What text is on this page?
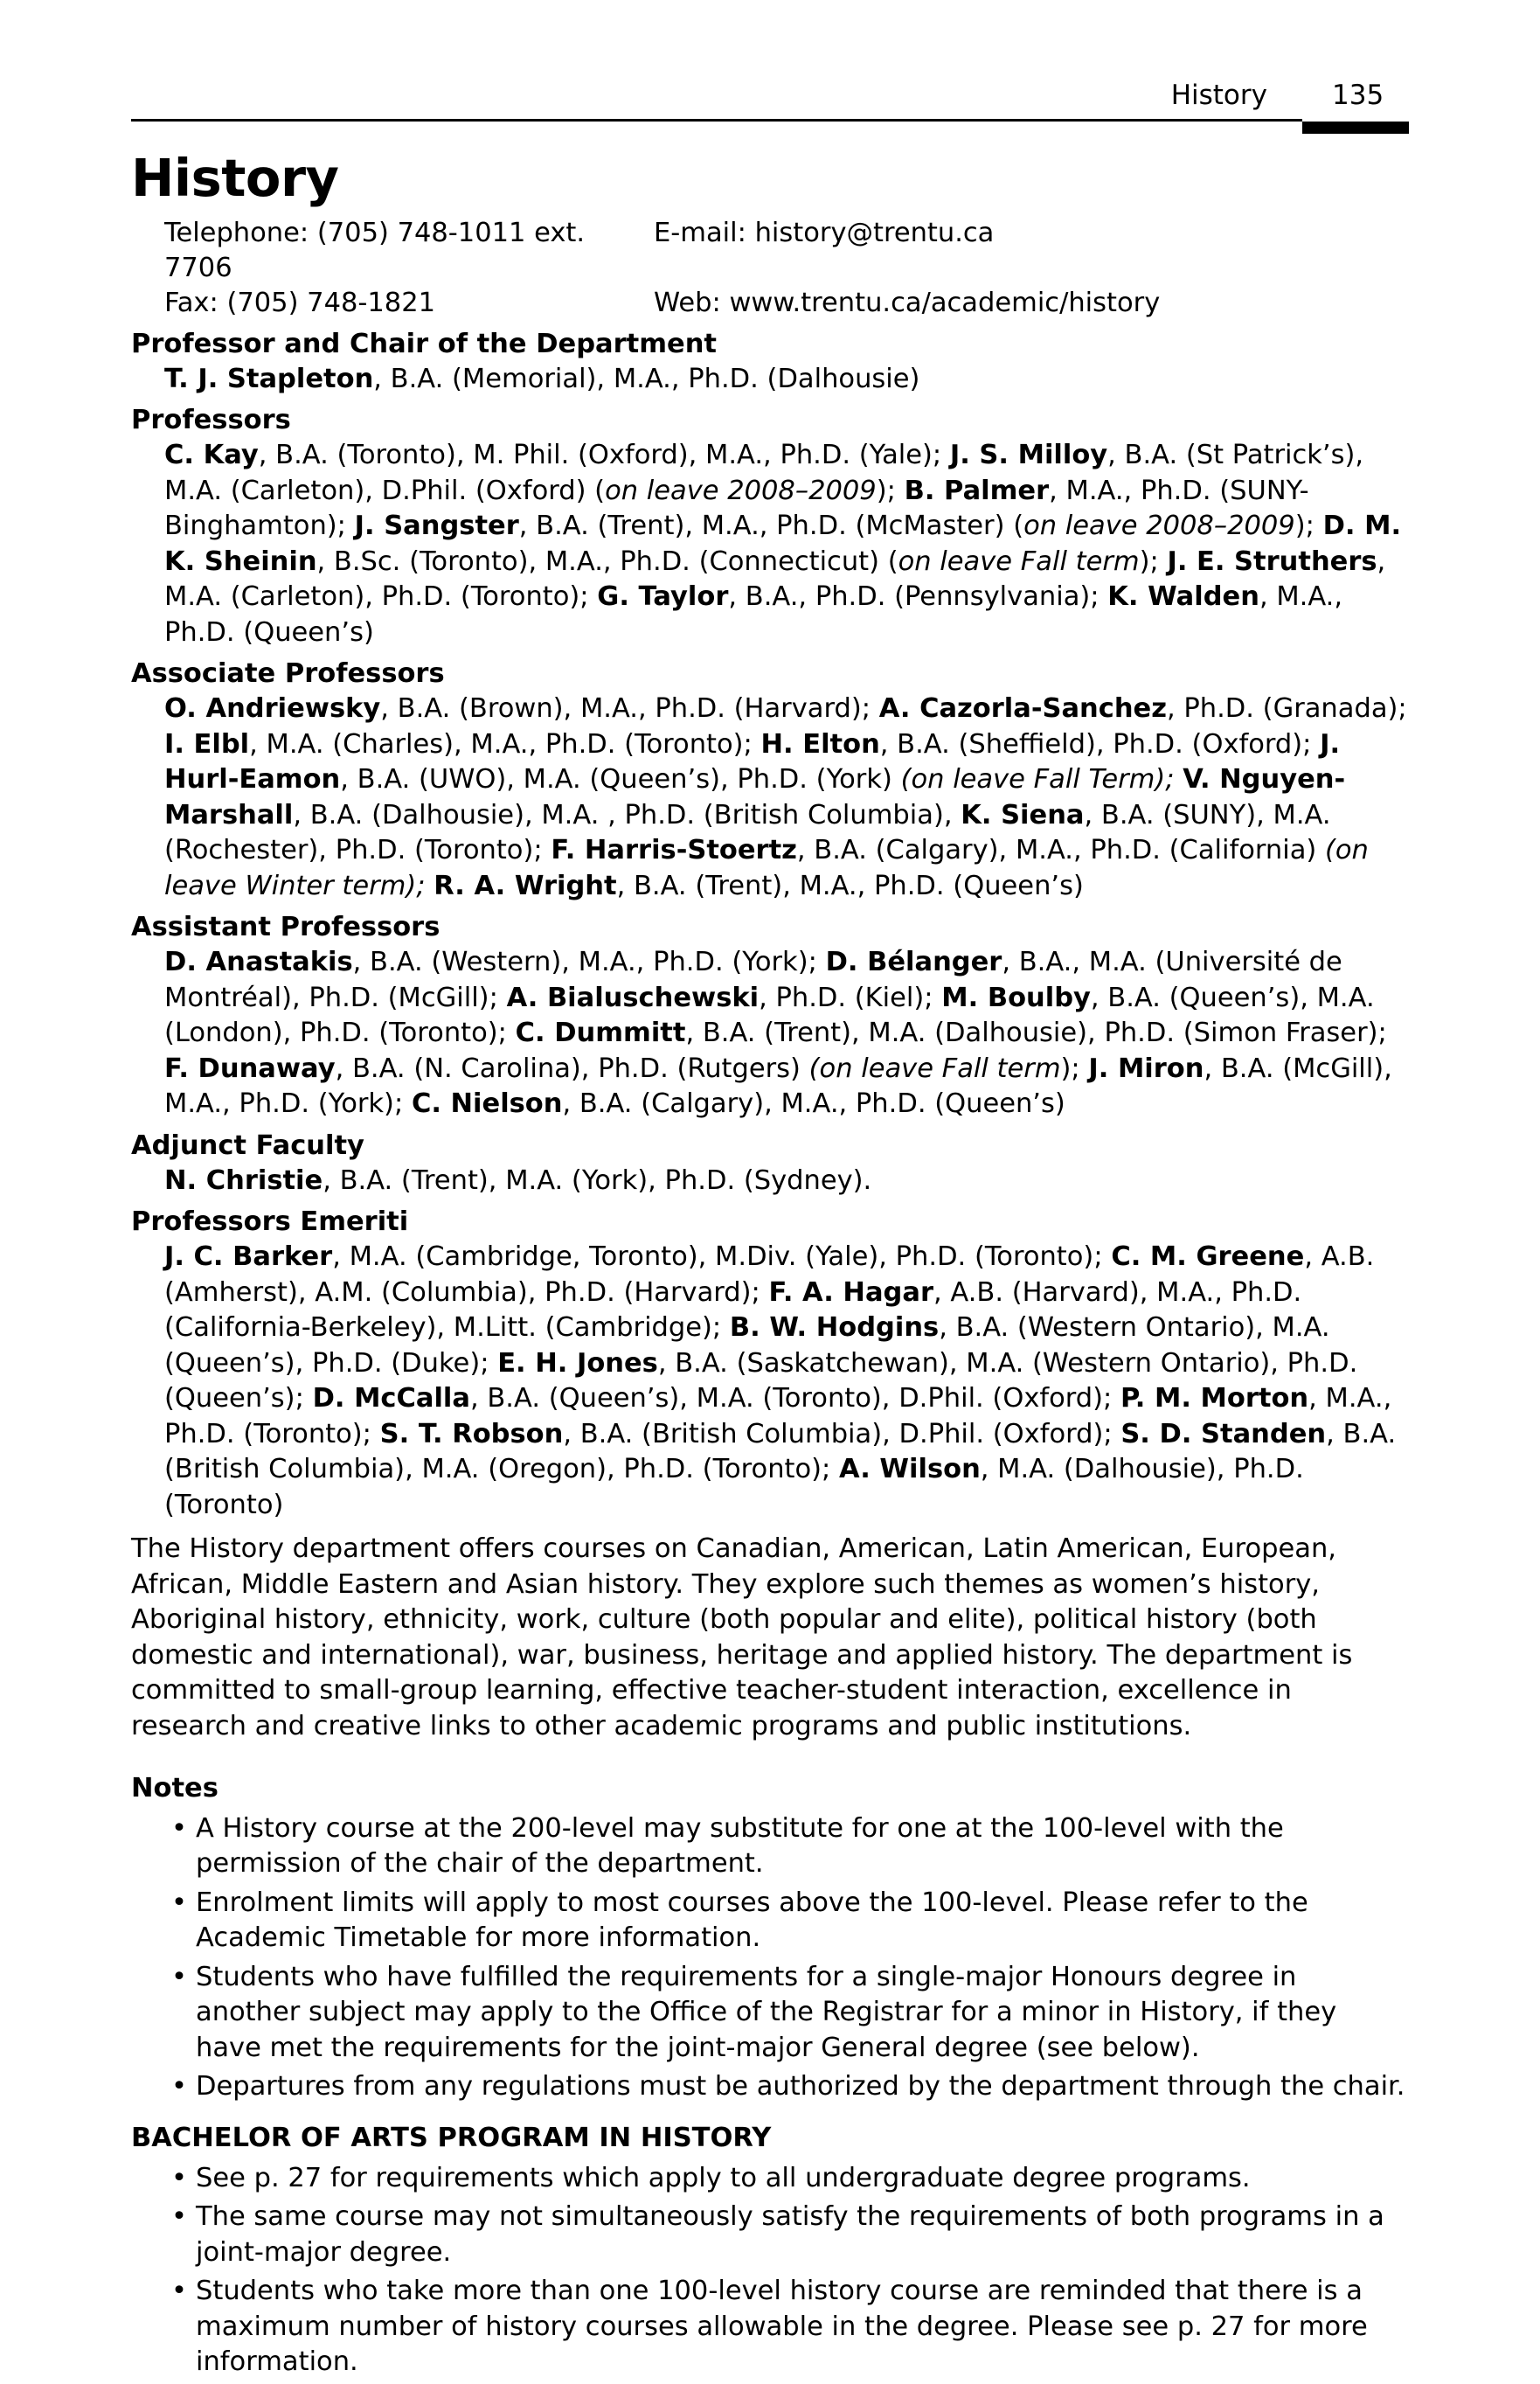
History 135
History
Telephone: (705) 748-1011 ext. 7706
E-mail: history@trentu.ca
Fax: (705) 748-1821	Web: www.trentu.ca/academic/history
Professor and Chair of the Department
T. J. Stapleton, B.A. (Memorial), M.A., Ph.D. (Dalhousie)
Professors
C. Kay, B.A. (Toronto), M. Phil. (Oxford), M.A., Ph.D. (Yale); J. S. Milloy, B.A. (St Patrick’s), M.A. (Carleton), D.Phil. (Oxford) (on leave 2008–2009); B. Palmer, M.A., Ph.D. (SUNY-Binghamton); J. Sangster, B.A. (Trent), M.A., Ph.D. (McMaster) (on leave 2008–2009); D. M. K. Sheinin, B.Sc. (Toronto), M.A., Ph.D. (Connecticut) (on leave Fall term); J. E. Struthers, M.A. (Carleton), Ph.D. (Toronto); G. Taylor, B.A., Ph.D. (Pennsylvania); K. Walden, M.A., Ph.D. (Queen’s)
Associate Professors
O. Andriewsky, B.A. (Brown), M.A., Ph.D. (Harvard); A. Cazorla-Sanchez, Ph.D. (Granada); I. Elbl, M.A. (Charles), M.A., Ph.D. (Toronto); H. Elton, B.A. (Sheffield), Ph.D. (Oxford); J. Hurl-Eamon, B.A. (UWO), M.A. (Queen’s), Ph.D. (York) (on leave Fall Term); V. Nguyen-Marshall, B.A. (Dalhousie), M.A. , Ph.D. (British Columbia), K. Siena, B.A. (SUNY), M.A. (Rochester), Ph.D. (Toronto); F. Harris-Stoertz, B.A. (Calgary), M.A., Ph.D. (California) (on leave Winter term); R. A. Wright, B.A. (Trent), M.A., Ph.D. (Queen’s)
Assistant Professors
D. Anastakis, B.A. (Western), M.A., Ph.D. (York); D. Bélanger, B.A., M.A. (Université de Montréal), Ph.D. (McGill); A. Bialuschewski, Ph.D. (Kiel); M. Boulby, B.A. (Queen’s), M.A. (London), Ph.D. (Toronto); C. Dummitt, B.A. (Trent), M.A. (Dalhousie), Ph.D. (Simon Fraser); F. Dunaway, B.A. (N. Carolina), Ph.D. (Rutgers) (on leave Fall term); J. Miron, B.A. (McGill), M.A., Ph.D. (York); C. Nielson, B.A. (Calgary), M.A., Ph.D. (Queen’s)
Adjunct Faculty
N. Christie, B.A. (Trent), M.A. (York), Ph.D. (Sydney).
Professors Emeriti
J. C. Barker, M.A. (Cambridge, Toronto), M.Div. (Yale), Ph.D. (Toronto); C. M. Greene, A.B. (Amherst), A.M. (Columbia), Ph.D. (Harvard); F. A. Hagar, A.B. (Harvard), M.A., Ph.D. (California-Berkeley), M.Litt. (Cambridge); B. W. Hodgins, B.A. (Western Ontario), M.A. (Queen’s), Ph.D. (Duke); E. H. Jones, B.A. (Saskatchewan), M.A. (Western Ontario), Ph.D. (Queen’s); D. McCalla, B.A. (Queen’s), M.A. (Toronto), D.Phil. (Oxford); P. M. Morton, M.A., Ph.D. (Toronto); S. T. Robson, B.A. (British Columbia), D.Phil. (Oxford); S. D. Standen, B.A. (British Columbia), M.A. (Oregon), Ph.D. (Toronto); A. Wilson, M.A. (Dalhousie), Ph.D. (Toronto)

The History department offers courses on Canadian, American, Latin American, European, African, Middle Eastern and Asian history. They explore such themes as women’s history, Aboriginal history, ethnicity, work, culture (both popular and elite), political history (both domestic and international), war, business, heritage and applied history. The department is committed to small-group learning, effective teacher-student interaction, excellence in research and creative links to other academic programs and public institutions.

Notes
• A History course at the 200-level may substitute for one at the 100-level with the permission of the chair of the department.
• Enrolment limits will apply to most courses above the 100-level. Please refer to the Academic Timetable for more information.
• Students who have fulfilled the requirements for a single-major Honours degree in another subject may apply to the Office of the Registrar for a minor in History, if they have met the requirements for the joint-major General degree (see below).
• Departures from any regulations must be authorized by the department through the chair.
BACHELOR OF ARTS PROGRAM IN HISTORY
• See p. 27 for requirements which apply to all undergraduate degree programs.
• The same course may not simultaneously satisfy the requirements of both programs in a joint-major degree.
• Students who take more than one 100-level history course are reminded that there is a maximum number of history courses allowable in the degree. Please see p. 27 for more information.
